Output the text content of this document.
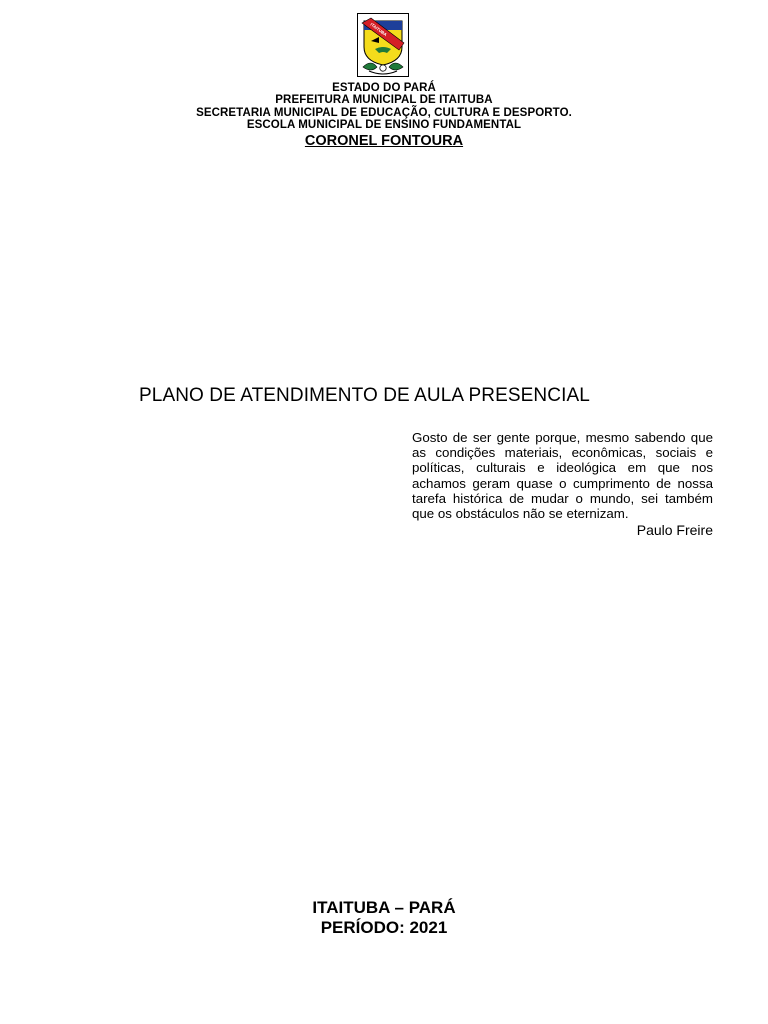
ITAITUBA
ESTADO DO PARÁ
PREFEITURA MUNICIPAL DE ITAITUBA
SECRETARIA MUNICIPAL DE EDUCAÇÃO, CULTURA E DESPORTO.
ESCOLA MUNICIPAL DE ENSINO FUNDAMENTAL
CORONEL FONTOURA
PLANO DE ATENDIMENTO DE AULA PRESENCIAL

Gosto de ser gente porque, mesmo sabendo que as condições materiais, econômicas, sociais e políticas, culturais e ideológica em que nos achamos geram quase o cumprimento de nossa tarefa histórica de mudar o mundo, sei também que os obstáculos não se eternizam.

Paulo Freire
ITAITUBA – PARÁ
PERÍODO: 2021
